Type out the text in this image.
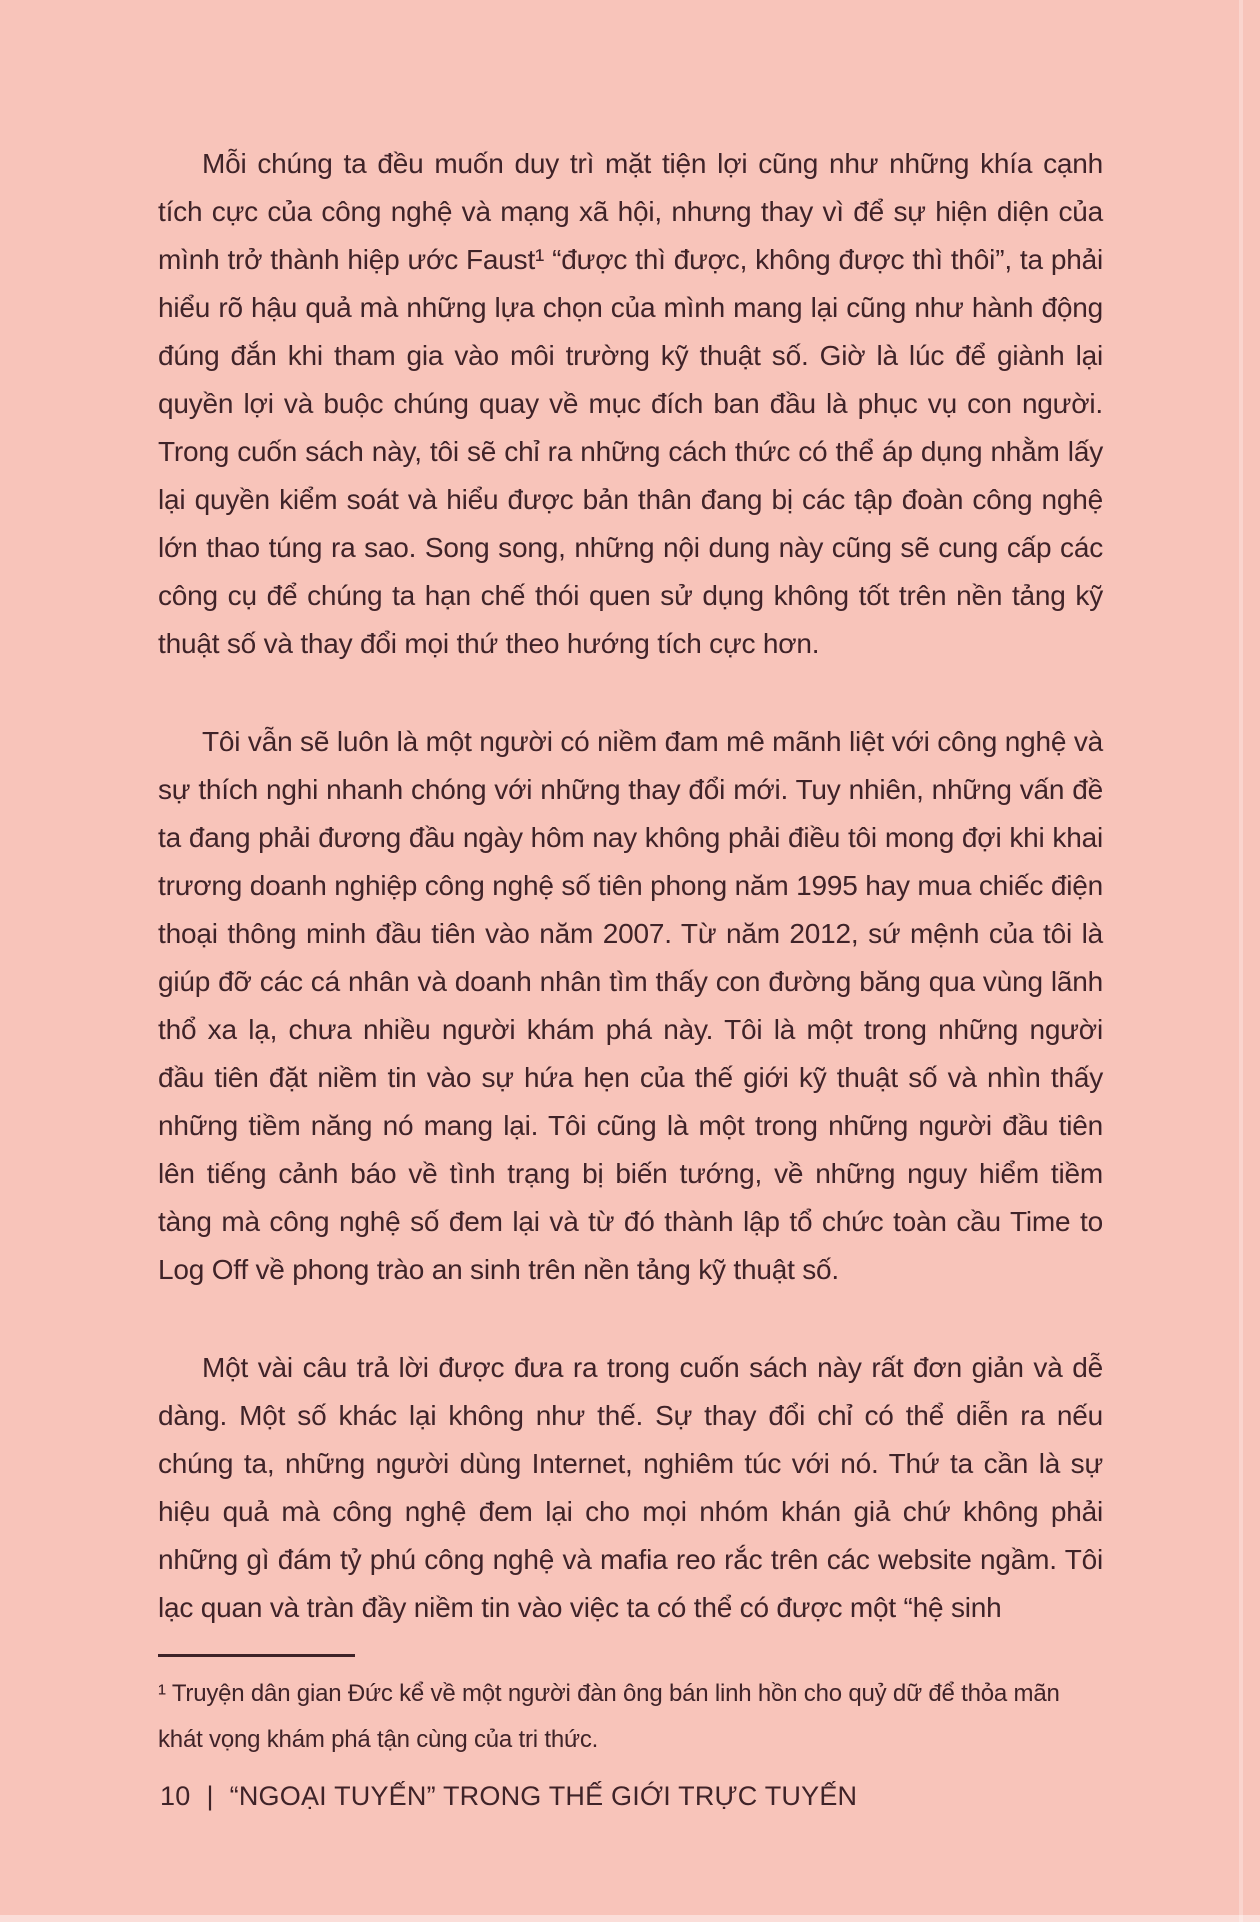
Mỗi chúng ta đều muốn duy trì mặt tiện lợi cũng như những khía cạnh tích cực của công nghệ và mạng xã hội, nhưng thay vì để sự hiện diện của mình trở thành hiệp ước Faust¹ “được thì được, không được thì thôi”, ta phải hiểu rõ hậu quả mà những lựa chọn của mình mang lại cũng như hành động đúng đắn khi tham gia vào môi trường kỹ thuật số. Giờ là lúc để giành lại quyền lợi và buộc chúng quay về mục đích ban đầu là phục vụ con người. Trong cuốn sách này, tôi sẽ chỉ ra những cách thức có thể áp dụng nhằm lấy lại quyền kiểm soát và hiểu được bản thân đang bị các tập đoàn công nghệ lớn thao túng ra sao. Song song, những nội dung này cũng sẽ cung cấp các công cụ để chúng ta hạn chế thói quen sử dụng không tốt trên nền tảng kỹ thuật số và thay đổi mọi thứ theo hướng tích cực hơn.

Tôi vẫn sẽ luôn là một người có niềm đam mê mãnh liệt với công nghệ và sự thích nghi nhanh chóng với những thay đổi mới. Tuy nhiên, những vấn đề ta đang phải đương đầu ngày hôm nay không phải điều tôi mong đợi khi khai trương doanh nghiệp công nghệ số tiên phong năm 1995 hay mua chiếc điện thoại thông minh đầu tiên vào năm 2007. Từ năm 2012, sứ mệnh của tôi là giúp đỡ các cá nhân và doanh nhân tìm thấy con đường băng qua vùng lãnh thổ xa lạ, chưa nhiều người khám phá này. Tôi là một trong những người đầu tiên đặt niềm tin vào sự hứa hẹn của thế giới kỹ thuật số và nhìn thấy những tiềm năng nó mang lại. Tôi cũng là một trong những người đầu tiên lên tiếng cảnh báo về tình trạng bị biến tướng, về những nguy hiểm tiềm tàng mà công nghệ số đem lại và từ đó thành lập tổ chức toàn cầu Time to Log Off về phong trào an sinh trên nền tảng kỹ thuật số.

Một vài câu trả lời được đưa ra trong cuốn sách này rất đơn giản và dễ dàng. Một số khác lại không như thế. Sự thay đổi chỉ có thể diễn ra nếu chúng ta, những người dùng Internet, nghiêm túc với nó. Thứ ta cần là sự hiệu quả mà công nghệ đem lại cho mọi nhóm khán giả chứ không phải những gì đám tỷ phú công nghệ và mafia reo rắc trên các website ngầm. Tôi lạc quan và tràn đầy niềm tin vào việc ta có thể có được một “hệ sinh

¹ Truyện dân gian Đức kể về một người đàn ông bán linh hồn cho quỷ dữ để thỏa mãn khát vọng khám phá tận cùng của tri thức.

10 | “NGOẠI TUYẾN” TRONG THẾ GIỚI TRỰC TUYẾN
